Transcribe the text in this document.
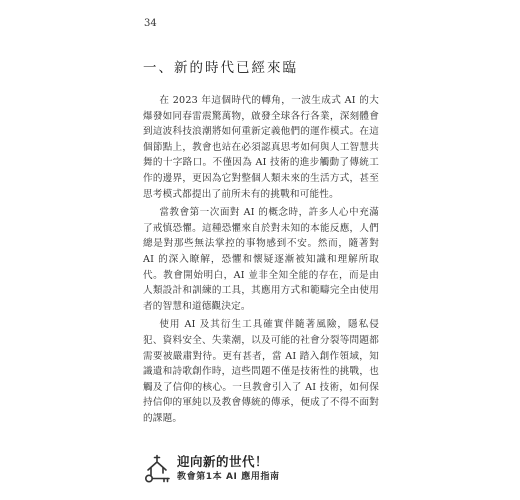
34
一、新的時代已經來臨

在 2023 年這個時代的轉角，一波生成式 AI 的大爆發如同春雷震驚萬物，啟發全球各行各業，深刻體會到這波科技浪潮將如何重新定義他們的運作模式。在這個節點上，教會也站在必須認真思考如何與人工智慧共舞的十字路口。不僅因為 AI 技術的進步觸動了傳統工作的邊界，更因為它對整個人類未來的生活方式，甚至思考模式都提出了前所未有的挑戰和可能性。

當教會第一次面對 AI 的概念時，許多人心中充滿了戒慎恐懼。這種恐懼來自於對未知的本能反應，人們總是對那些無法掌控的事物感到不安。然而，隨著對 AI 的深入瞭解，恐懼和懷疑逐漸被知識和理解所取代。教會開始明白，AI 並非全知全能的存在，而是由人類設計和訓練的工具，其應用方式和範疇完全由使用者的智慧和道德觀決定。

使用 AI 及其衍生工具確實伴隨著風險，隱私侵犯、資料安全、失業潮，以及可能的社會分裂等問題都需要被嚴肅對待。更有甚者，當 AI 踏入創作領域，知識遺和詩歌創作時，這些問題不僅是技術性的挑戰，也觸及了信仰的核心。一旦教會引入了 AI 技術，如何保持信仰的軍純以及教會傳統的傳承，便成了不得不面對的課題。

迎向新的世代！
教會第1本 AI 應用指南
